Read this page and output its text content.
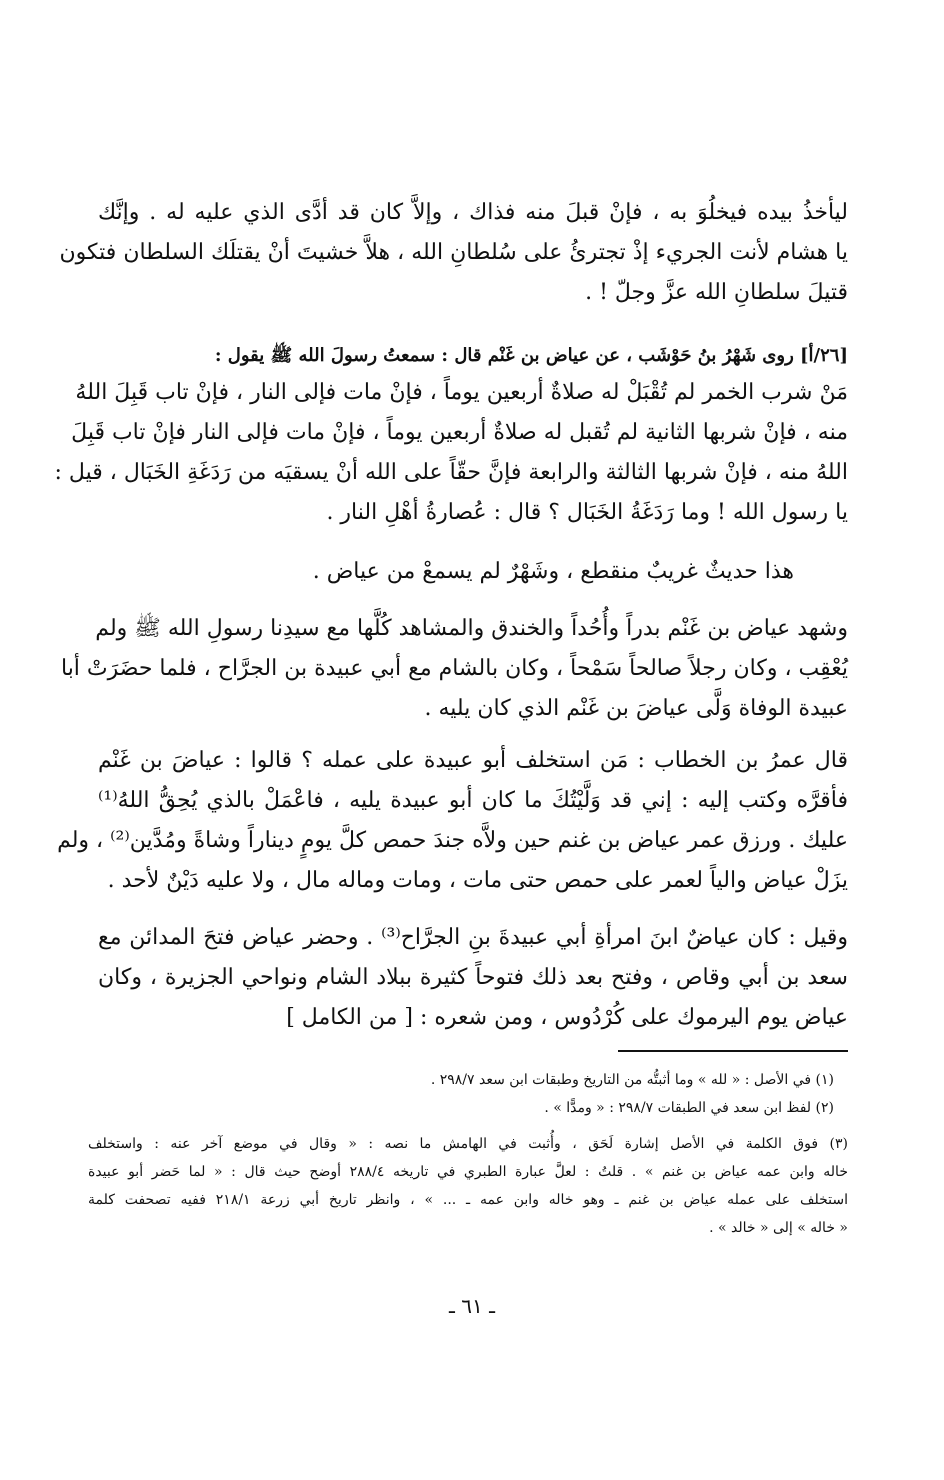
ليأخذُ بيده فيخلُوَ به ، فإنْ قبلَ منه فذاك ، وإلاَّ كان قد أدَّى الذي عليه له . وإنَّك
يا هشام لأنت الجريء إذْ تجترئُ على سُلطانِ الله ، هلاَّ خشيتَ أنْ يقتلَك السلطان فتكون
قتيلَ سلطانِ الله عزَّ وجلّ ! .
[٢٦/أ] روى شَهْرُ بنُ حَوْشَب ، عن عياض بن غَنْم قال : سمعتُ رسولَ الله ﷺ يقول :
مَنْ شرب الخمر لم تُقْبَلْ له صلاةٌ أربعين يوماً ، فإنْ مات فإلى النار ، فإنْ تاب قَبِلَ اللهُ
منه ، فإنْ شربها الثانية لم تُقبل له صلاةٌ أربعين يوماً ، فإنْ مات فإلى النار فإنْ تاب قَبِلَ
اللهُ منه ، فإنْ شربها الثالثة والرابعة فإنَّ حقّاً على الله أنْ يسقيَه من رَدَغَةِ الخَبَال ، قيل :
يا رسول الله ! وما رَدَغَةُ الخَبَال ؟ قال : عُصارةُ أهْلِ النار .
هذا حديثٌ غريبٌ منقطع ، وشَهْرٌ لم يسمعْ من عياض .
وشهد عياض بن غَنْم بدراً وأُحُداً والخندق والمشاهد كُلَّها مع سيدِنا رسولِ الله ﷺ ولم
يُعْقِب ، وكان رجلاً صالحاً سَمْحاً ، وكان بالشام مع أبي عبيدة بن الجرَّاح ، فلما حضَرَتْ أبا
عبيدة الوفاة وَلَّى عياضَ بن غَنْم الذي كان يليه .
قال عمرُ بن الخطاب : مَن استخلف أبو عبيدة على عمله ؟ قالوا : عياضَ بن غَنْم
فأقرَّه وكتب إليه : إني قد وَلَّيْتُكَ ما كان أبو عبيدة يليه ، فاعْمَلْ بالذي يُحِقُّ اللهُ⁽¹⁾
عليك . ورزق عمر عياض بن غنم حين ولاَّه جندَ حمص كلَّ يومٍ ديناراً وشاةً ومُدَّين⁽²⁾ ، ولم
يزَلْ عياض والياً لعمر على حمص حتى مات ، ومات وماله مال ، ولا عليه دَيْنٌ لأحد .
وقيل : كان عياضٌ ابنَ امرأةِ أبي عبيدةَ بنِ الجرَّاح⁽³⁾ . وحضر عياض فتحَ المدائن مع
سعد بن أبي وقاص ، وفتح بعد ذلك فتوحاً كثيرة ببلاد الشام ونواحي الجزيرة ، وكان
عياض يوم اليرموك على كُرْدُوس ، ومن شعره : [ من الكامل ]
(١) في الأصل : « لله » وما أثبتُّه من التاريخ وطبقات ابن سعد ٢٩٨/٧ .
(٢) لفظ ابن سعد في الطبقات ٢٩٨/٧ : « ومدًّا » .
(٣) فوق الكلمة في الأصل إشارة لَحَق ، وأُثبت في الهامش ما نصه : « وقال في موضع آخر عنه : واستخلف
خاله وابن عمه عياض بن غنم » . قلتُ : لعلَّ عبارة الطبري في تاريخه ٢٨٨/٤ أوضح حيث قال : « لما حَضر أبو عبيدة
استخلف على عمله عياض بن غنم ـ وهو خاله وابن عمه ـ ... » ، وانظر تاريخ أبي زرعة ٢١٨/١ ففيه تصحفت كلمة
« خاله » إلى « خالد » .
ـ ٦١ ـ
